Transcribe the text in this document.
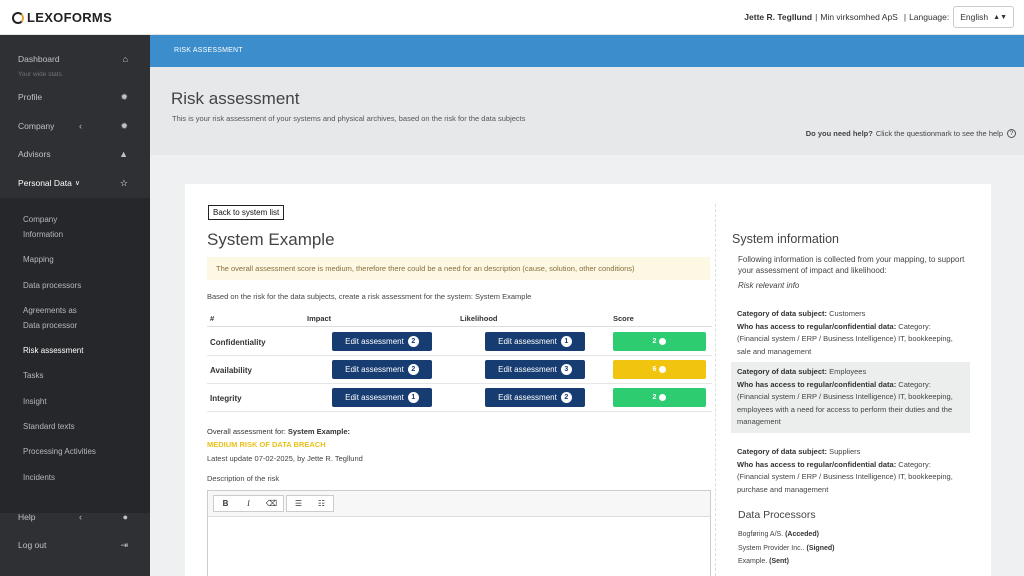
LEXOFORMS	Jette R. Tegllund | Min virksomhed ApS | Language: English ▲▼
Dashboard	⌂
Your wide stats
Profile	✹
Company	‹	✹
Advisors	▲
Personal Data ∨	☆
Company
Information
Mapping
Data processors
Agreements as
Data processor
Risk assessment
Tasks
Insight
Standard texts
Processing Activities
Incidents
Help	‹	●
Log out	⇥
RISK ASSESSMENT
Risk assessment
This is your risk assessment of your systems and physical archives, based on the risk for the data subjects
Do you need help? Click the questionmark to see the help	?
Back to system list
System Example
The overall assessment score is medium, therefore there could be a need for an description (cause, solution, other conditions)
Based on the risk for the data subjects, create a risk assessment for the system: System Example
#	Impact	Likelihood	Score
Confidentiality	Edit assessment	2	Edit assessment	1	2
Availability	Edit assessment	2	Edit assessment	3	6
Integrity	Edit assessment	1	Edit assessment	2	2
Overall assessment for: System Example:
MEDIUM RISK OF DATA BREACH
Latest update 07-02-2025, by Jette R. Tegllund
Description of the risk
B	I	⌫	☰	☷
System information
Following information is collected from your mapping, to support your assessment of impact and likelihood:
Risk relevant info
Category of data subject: Customers
Who has access to regular/confidential data: Category: (Financial system / ERP / Business Intelligence) IT, bookkeeping, sale and management
Category of data subject: Employees
Who has access to regular/confidential data: Category: (Financial system / ERP / Business Intelligence) IT, bookkeeping, employees with a need for access to perform their duties and the management
Category of data subject: Suppliers
Who has access to regular/confidential data: Category: (Financial system / ERP / Business Intelligence) IT, bookkeeping, purchase and management
Data Processors
Bogføring A/S. (Acceded)
System Provider Inc.. (Signed)
Example. (Sent)
